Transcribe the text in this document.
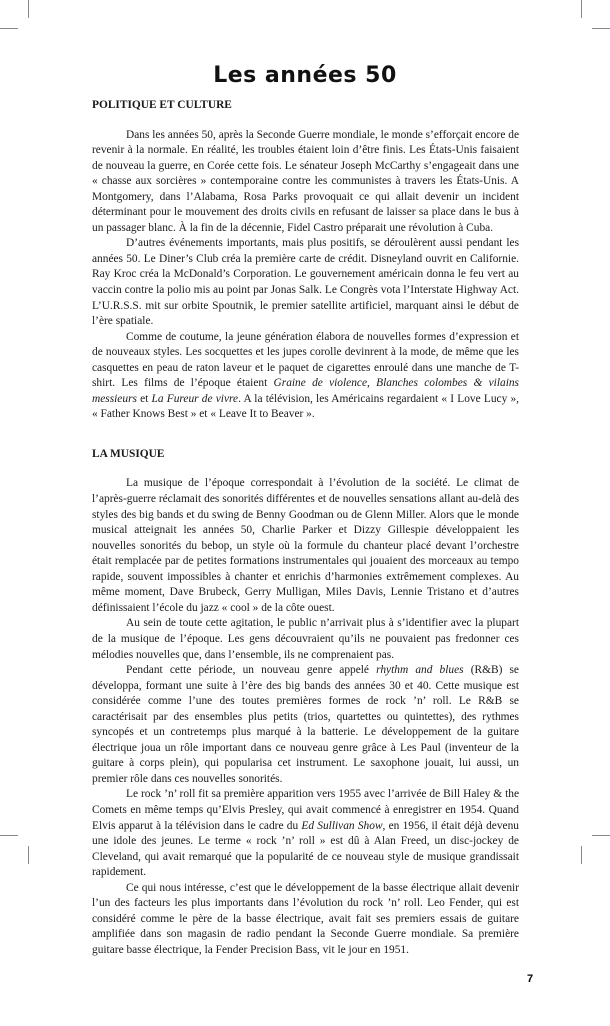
Les années 50
POLITIQUE ET CULTURE

Dans les années 50, après la Seconde Guerre mondiale, le monde s’efforçait encore de revenir à la normale. En réalité, les troubles étaient loin d’être finis. Les États-Unis faisaient de nouveau la guerre, en Corée cette fois. Le sénateur Joseph McCarthy s’engageait dans une « chasse aux sorcières » contemporaine contre les communistes à travers les États-Unis. A Montgomery, dans l’Alabama, Rosa Parks provoquait ce qui allait devenir un incident déterminant pour le mouvement des droits civils en refusant de laisser sa place dans le bus à un passager blanc. À la fin de la décennie, Fidel Castro préparait une révolution à Cuba.

D’autres événements importants, mais plus positifs, se déroulèrent aussi pendant les années 50. Le Diner’s Club créa la première carte de crédit. Disneyland ouvrit en Californie. Ray Kroc créa la McDonald’s Corporation. Le gouvernement américain donna le feu vert au vaccin contre la polio mis au point par Jonas Salk. Le Congrès vota l’Interstate Highway Act. L’U.R.S.S. mit sur orbite Spoutnik, le premier satellite artificiel, marquant ainsi le début de l’ère spatiale.

Comme de coutume, la jeune génération élabora de nouvelles formes d’expression et de nouveaux styles. Les socquettes et les jupes corolle devinrent à la mode, de même que les casquettes en peau de raton laveur et le paquet de cigarettes enroulé dans une manche de T-shirt. Les films de l’époque étaient Graine de violence, Blanches colombes & vilains messieurs et La Fureur de vivre. A la télévision, les Américains regardaient « I Love Lucy », « Father Knows Best » et « Leave It to Beaver ».

LA MUSIQUE

La musique de l’époque correspondait à l’évolution de la société. Le climat de l’après-guerre réclamait des sonorités différentes et de nouvelles sensations allant au-delà des styles des big bands et du swing de Benny Goodman ou de Glenn Miller. Alors que le monde musical atteignait les années 50, Charlie Parker et Dizzy Gillespie développaient les nouvelles sonorités du bebop, un style où la formule du chanteur placé devant l’orchestre était remplacée par de petites formations instrumentales qui jouaient des morceaux au tempo rapide, souvent impossibles à chanter et enrichis d’harmonies extrêmement complexes. Au même moment, Dave Brubeck, Gerry Mulligan, Miles Davis, Lennie Tristano et d’autres définissaient l’école du jazz « cool » de la côte ouest.

Au sein de toute cette agitation, le public n’arrivait plus à s’identifier avec la plupart de la musique de l’époque. Les gens découvraient qu’ils ne pouvaient pas fredonner ces mélodies nouvelles que, dans l’ensemble, ils ne comprenaient pas.

Pendant cette période, un nouveau genre appelé rhythm and blues (R&B) se développa, formant une suite à l’ère des big bands des années 30 et 40. Cette musique est considérée comme l’une des toutes premières formes de rock ’n’ roll. Le R&B se caractérisait par des ensembles plus petits (trios, quartettes ou quintettes), des rythmes syncopés et un contretemps plus marqué à la batterie. Le développement de la guitare électrique joua un rôle important dans ce nouveau genre grâce à Les Paul (inventeur de la guitare à corps plein), qui popularisa cet instrument. Le saxophone jouait, lui aussi, un premier rôle dans ces nouvelles sonorités.

Le rock ’n’ roll fit sa première apparition vers 1955 avec l’arrivée de Bill Haley & the Comets en même temps qu’Elvis Presley, qui avait commencé à enregistrer en 1954. Quand Elvis apparut à la télévision dans le cadre du Ed Sullivan Show, en 1956, il était déjà devenu une idole des jeunes. Le terme « rock ’n’ roll » est dû à Alan Freed, un disc-jockey de Cleveland, qui avait remarqué que la popularité de ce nouveau style de musique grandissait rapidement.

Ce qui nous intéresse, c’est que le développement de la basse électrique allait devenir l’un des facteurs les plus importants dans l’évolution du rock ’n’ roll. Leo Fender, qui est considéré comme le père de la basse électrique, avait fait ses premiers essais de guitare amplifiée dans son magasin de radio pendant la Seconde Guerre mondiale. Sa première guitare basse électrique, la Fender Precision Bass, vit le jour en 1951.

7
